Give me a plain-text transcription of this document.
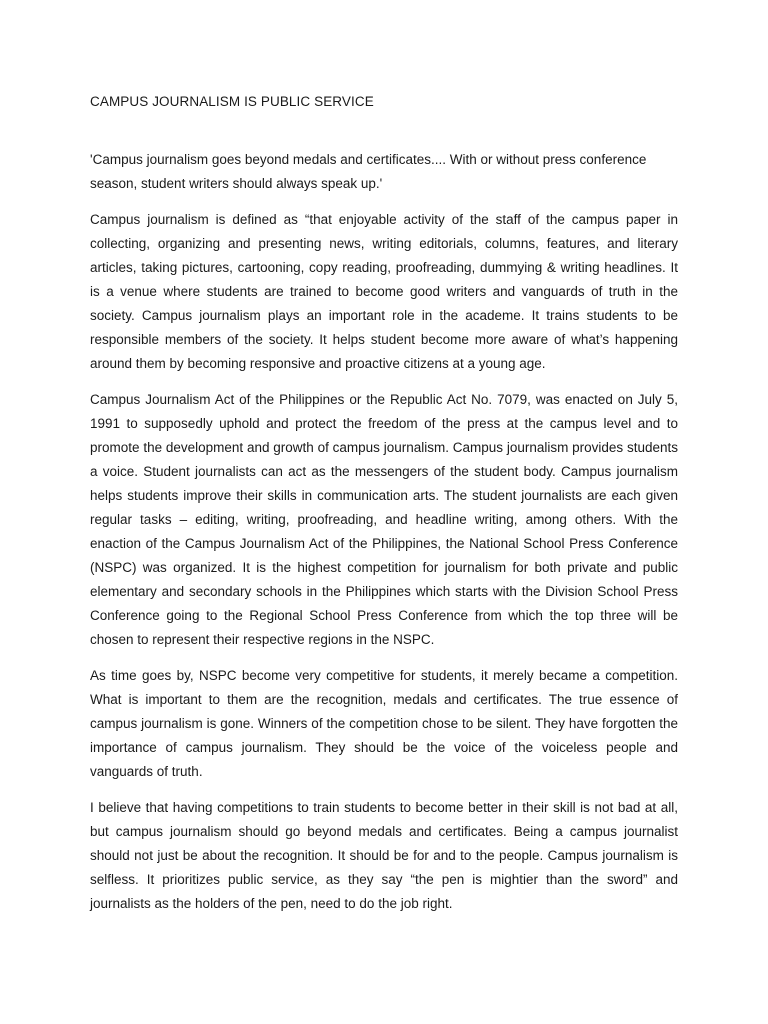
CAMPUS JOURNALISM IS PUBLIC SERVICE

'Campus journalism goes beyond medals and certificates.... With or without press conference season, student writers should always speak up.'

Campus journalism is defined as “that enjoyable activity of the staff of the campus paper in collecting, organizing and presenting news, writing editorials, columns, features, and literary articles, taking pictures, cartooning, copy reading, proofreading, dummying & writing headlines. It is a venue where students are trained to become good writers and vanguards of truth in the society. Campus journalism plays an important role in the academe. It trains students to be responsible members of the society. It helps student become more aware of what’s happening around them by becoming responsive and proactive citizens at a young age.

Campus Journalism Act of the Philippines or the Republic Act No. 7079, was enacted on July 5, 1991 to supposedly uphold and protect the freedom of the press at the campus level and to promote the development and growth of campus journalism. Campus journalism provides students a voice. Student journalists can act as the messengers of the student body. Campus journalism helps students improve their skills in communication arts. The student journalists are each given regular tasks – editing, writing, proofreading, and headline writing, among others. With the enaction of the Campus Journalism Act of the Philippines, the National School Press Conference (NSPC) was organized. It is the highest competition for journalism for both private and public elementary and secondary schools in the Philippines which starts with the Division School Press Conference going to the Regional School Press Conference from which the top three will be chosen to represent their respective regions in the NSPC.

As time goes by, NSPC become very competitive for students, it merely became a competition. What is important to them are the recognition, medals and certificates. The true essence of campus journalism is gone. Winners of the competition chose to be silent. They have forgotten the importance of campus journalism. They should be the voice of the voiceless people and vanguards of truth.

I believe that having competitions to train students to become better in their skill is not bad at all, but campus journalism should go beyond medals and certificates. Being a campus journalist should not just be about the recognition. It should be for and to the people. Campus journalism is selfless. It prioritizes public service, as they say “the pen is mightier than the sword” and journalists as the holders of the pen, need to do the job right.
